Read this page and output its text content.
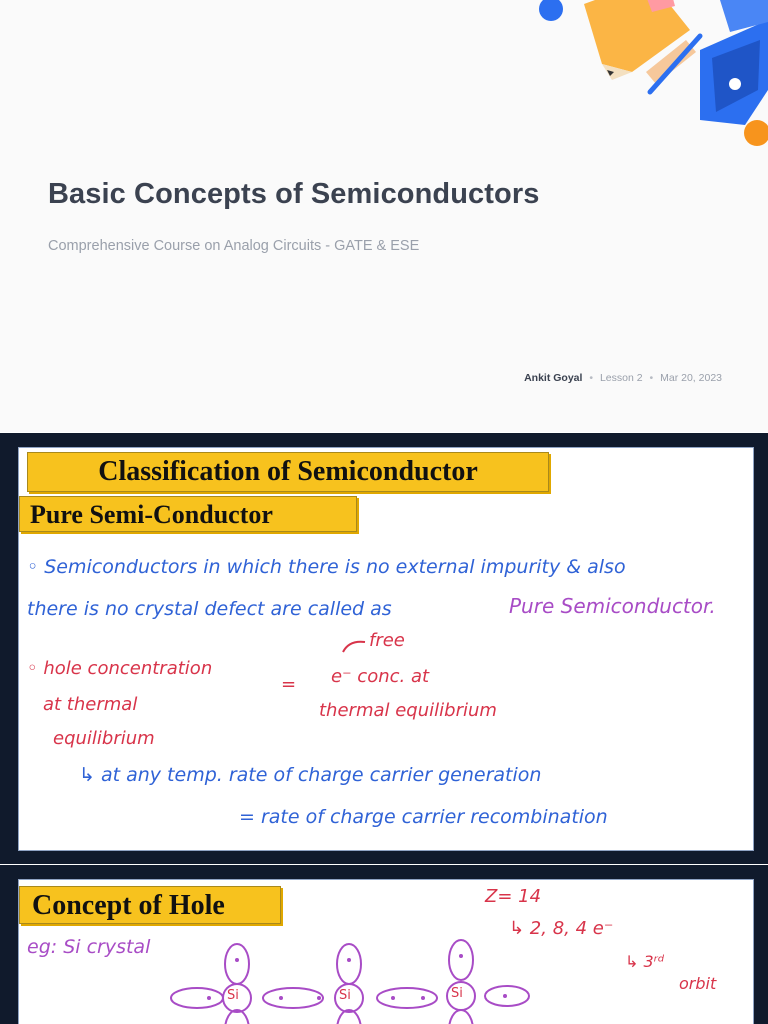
Basic Concepts of Semiconductors
Comprehensive Course on Analog Circuits - GATE & ESE
Ankit Goyal • Lesson 2 • Mar 20, 2023
Classification of Semiconductor
Pure Semi-Conductor
◦ Semiconductors in which there is no external impurity & also
there is no crystal defect are called as	Pure Semiconductor.
◦ hole concentration
at thermal
equilibrium
=
free
e⁻ conc. at
thermal equilibrium
↳ at any temp. rate of charge carrier generation
= rate of charge carrier recombination
Concept of Hole
eg: Si crystal
Z= 14
↳ 2, 8, 4 e⁻
↳ 3ʳᵈ
orbit
Si	Si	Si
